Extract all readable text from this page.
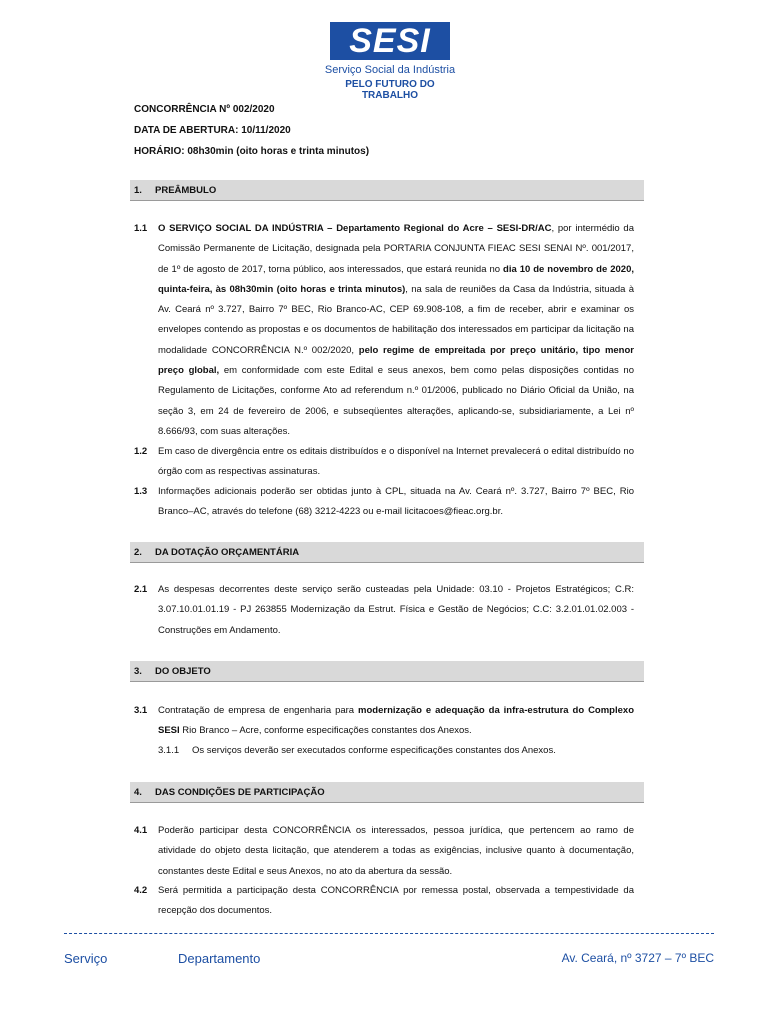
SESI
Serviço Social da Indústria
PELO FUTURO DO TRABALHO
CONCORRÊNCIA Nº 002/2020
DATA DE ABERTURA: 10/11/2020
HORÁRIO: 08h30min (oito horas e trinta minutos)
1. PREÂMBULO
1.1 O SERVIÇO SOCIAL DA INDÚSTRIA – Departamento Regional do Acre – SESI-DR/AC, por intermédio da Comissão Permanente de Licitação, designada pela PORTARIA CONJUNTA FIEAC SESI SENAI Nº. 001/2017, de 1º de agosto de 2017, torna público, aos interessados, que estará reunida no dia 10 de novembro de 2020, quinta-feira, às 08h30min (oito horas e trinta minutos), na sala de reuniões da Casa da Indústria, situada à Av. Ceará nº 3.727, Bairro 7º BEC, Rio Branco-AC, CEP 69.908-108, a fim de receber, abrir e examinar os envelopes contendo as propostas e os documentos de habilitação dos interessados em participar da licitação na modalidade CONCORRÊNCIA N.º 002/2020, pelo regime de empreitada por preço unitário, tipo menor preço global, em conformidade com este Edital e seus anexos, bem como pelas disposições contidas no Regulamento de Licitações, conforme Ato ad referendum n.º 01/2006, publicado no Diário Oficial da União, na seção 3, em 24 de fevereiro de 2006, e subseqüentes alterações, aplicando-se, subsidiariamente, a Lei nº 8.666/93, com suas alterações.
1.2 Em caso de divergência entre os editais distribuídos e o disponível na Internet prevalecerá o edital distribuído no órgão com as respectivas assinaturas.
1.3 Informações adicionais poderão ser obtidas junto à CPL, situada na Av. Ceará nº. 3.727, Bairro 7º BEC, Rio Branco–AC, através do telefone (68) 3212-4223 ou e-mail licitacoes@fieac.org.br.
2. DA DOTAÇÃO ORÇAMENTÁRIA
2.1 As despesas decorrentes deste serviço serão custeadas pela Unidade: 03.10 - Projetos Estratégicos; C.R: 3.07.10.01.01.19 - PJ 263855 Modernização da Estrut. Física e Gestão de Negócios; C.C: 3.2.01.01.02.003 - Construções em Andamento.
3. DO OBJETO
3.1 Contratação de empresa de engenharia para modernização e adequação da infra-estrutura do Complexo SESI Rio Branco – Acre, conforme especificações constantes dos Anexos.
3.1.1 Os serviços deverão ser executados conforme especificações constantes dos Anexos.
4. DAS CONDIÇÕES DE PARTICIPAÇÃO
4.1 Poderão participar desta CONCORRÊNCIA os interessados, pessoa jurídica, que pertencem ao ramo de atividade do objeto desta licitação, que atenderem a todas as exigências, inclusive quanto à documentação, constantes deste Edital e seus Anexos, no ato da abertura da sessão.
4.2 Será permitida a participação desta CONCORRÊNCIA por remessa postal, observada a tempestividade da recepção dos documentos.
Serviço	Departamento	Av. Ceará, nº 3727 – 7º BEC
